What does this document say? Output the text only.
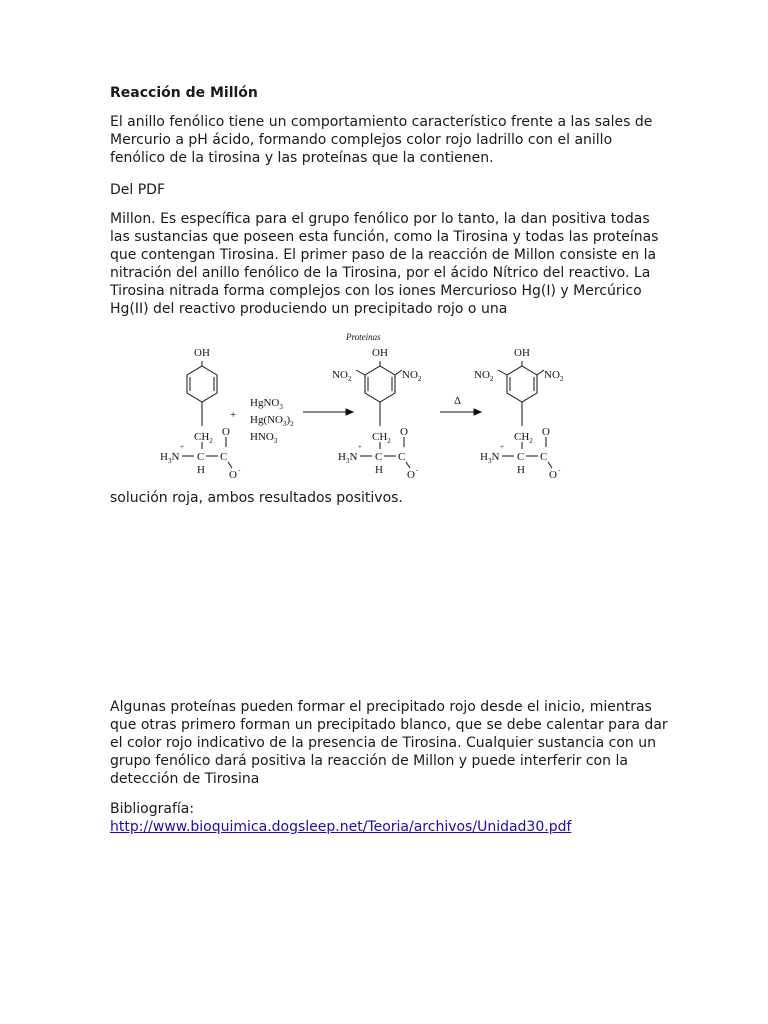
Reacción de Millón

El anillo fenólico tiene un comportamiento característico frente a las sales de Mercurio a pH ácido, formando complejos color rojo ladrillo con el anillo fenólico de la tirosina y las proteínas que la contienen.

Del PDF

Millon. Es específica para el grupo fenólico por lo tanto, la dan positiva todas las sustancias que poseen esta función, como la Tirosina y todas las proteínas que contengan Tirosina. El primer paso de la reacción de Millon consiste en la nitración del anillo fenólico de la Tirosina, por el ácido Nítrico del reactivo. La Tirosina nitrada forma complejos con los iones Mercurioso Hg(I) y Mercúrico Hg(II) del reactivo produciendo un precipitado rojo o una

solución roja, ambos resultados positivos.

Algunas proteínas pueden formar el precipitado rojo desde el inicio, mientras que otras primero forman un precipitado blanco, que se debe calentar para dar el color rojo indicativo de la presencia de Tirosina. Cualquier sustancia con un grupo fenólico dará positiva la reacción de Millon y puede interferir con la detección de Tirosina

Bibliografía:

http://www.bioquimica.dogsleep.net/Teoria/archivos/Unidad30.pdf
OH
$CH_2$
O
$H_3N$
+
C C
H O -
+
HgNO$_3$
$Hg(NO_3)_2$
$HNO_3$
Proteinas
OH
$NO_2$	$NO_2$
$CH_2$
O
$H_3N$
+
C C
H O -
Δ
OH
$NO_2$	$NO_2$
$CH_2$
O
$H_3N$
+
C C
H O -
